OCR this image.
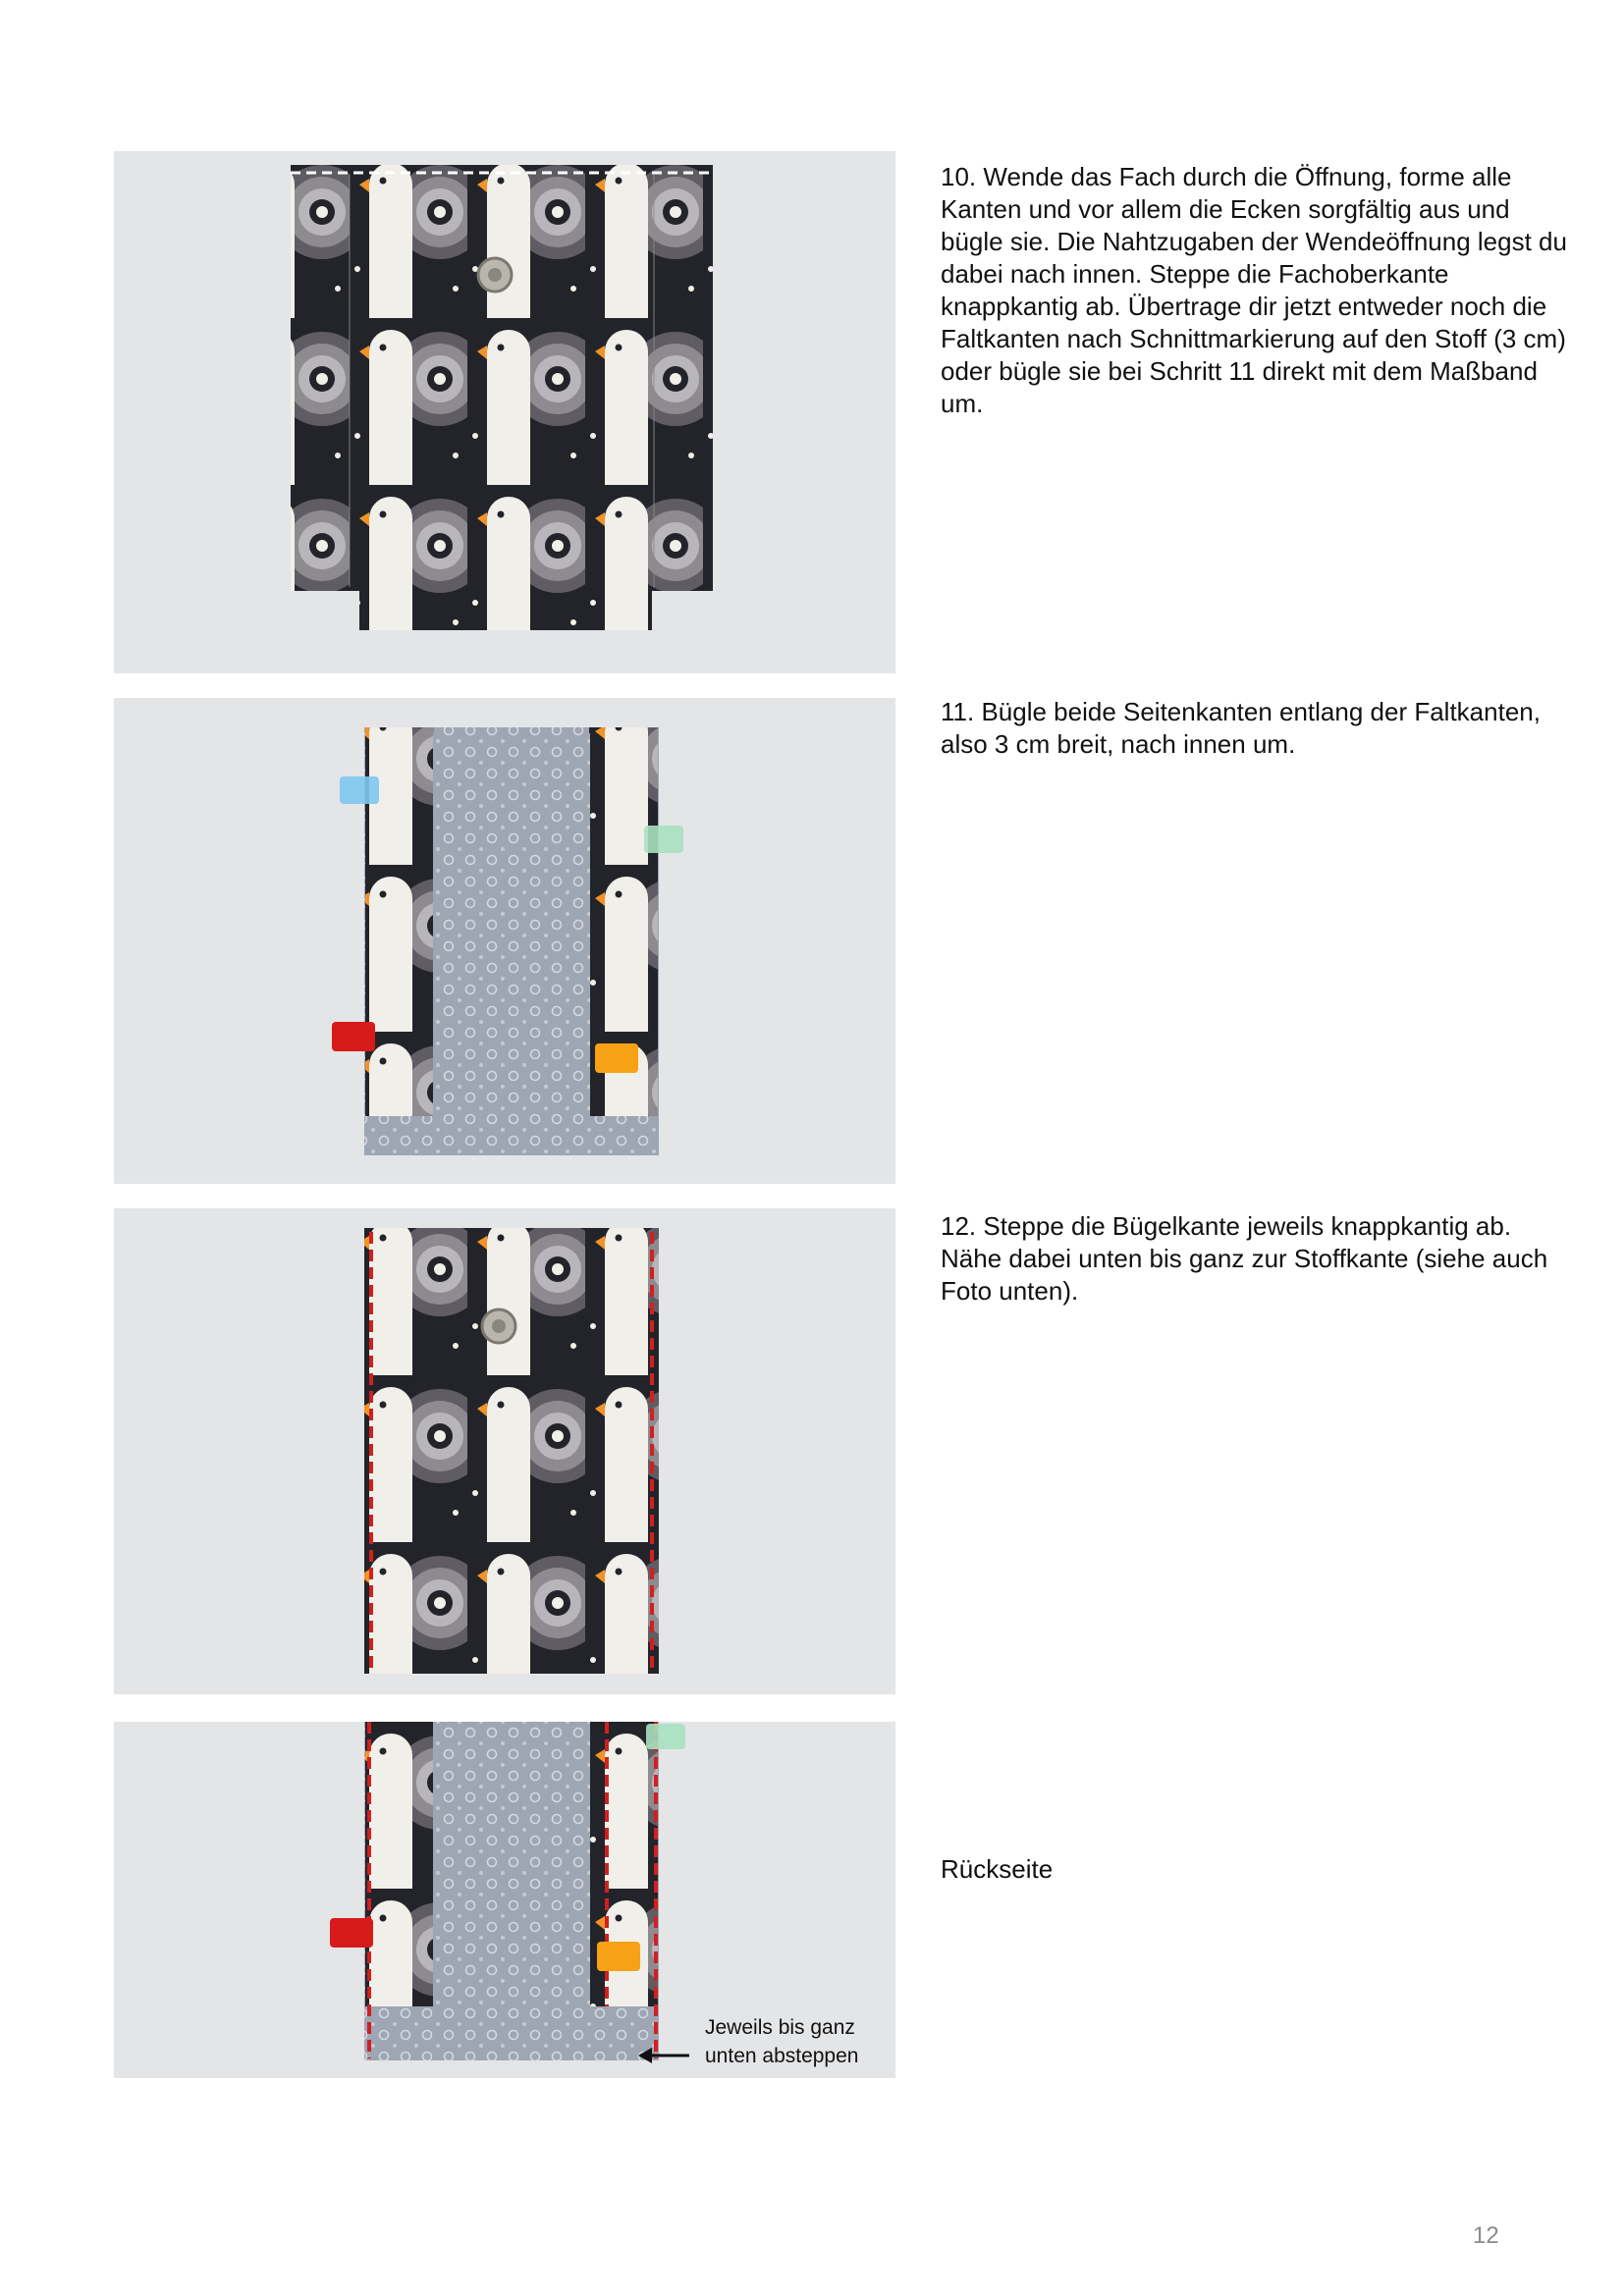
Jeweils bis ganz
unten absteppen

10. Wende das Fach durch die Öffnung, forme alle Kanten und vor allem die Ecken sorgfältig aus und bügle sie. Die Nahtzugaben der Wendeöffnung legst du dabei nach innen. Steppe die Fachoberkante knappkantig ab. Übertrage dir jetzt entweder noch die Faltkanten nach Schnittmarkierung auf den Stoff (3 cm) oder bügle sie bei Schritt 11 direkt mit dem Maßband um.

11. Bügle beide Seitenkanten entlang der Faltkanten, also 3 cm breit, nach innen um.

12. Steppe die Bügelkante jeweils knappkantig ab. Nähe dabei unten bis ganz zur Stoffkante (siehe auch Foto unten).

Rückseite

12
